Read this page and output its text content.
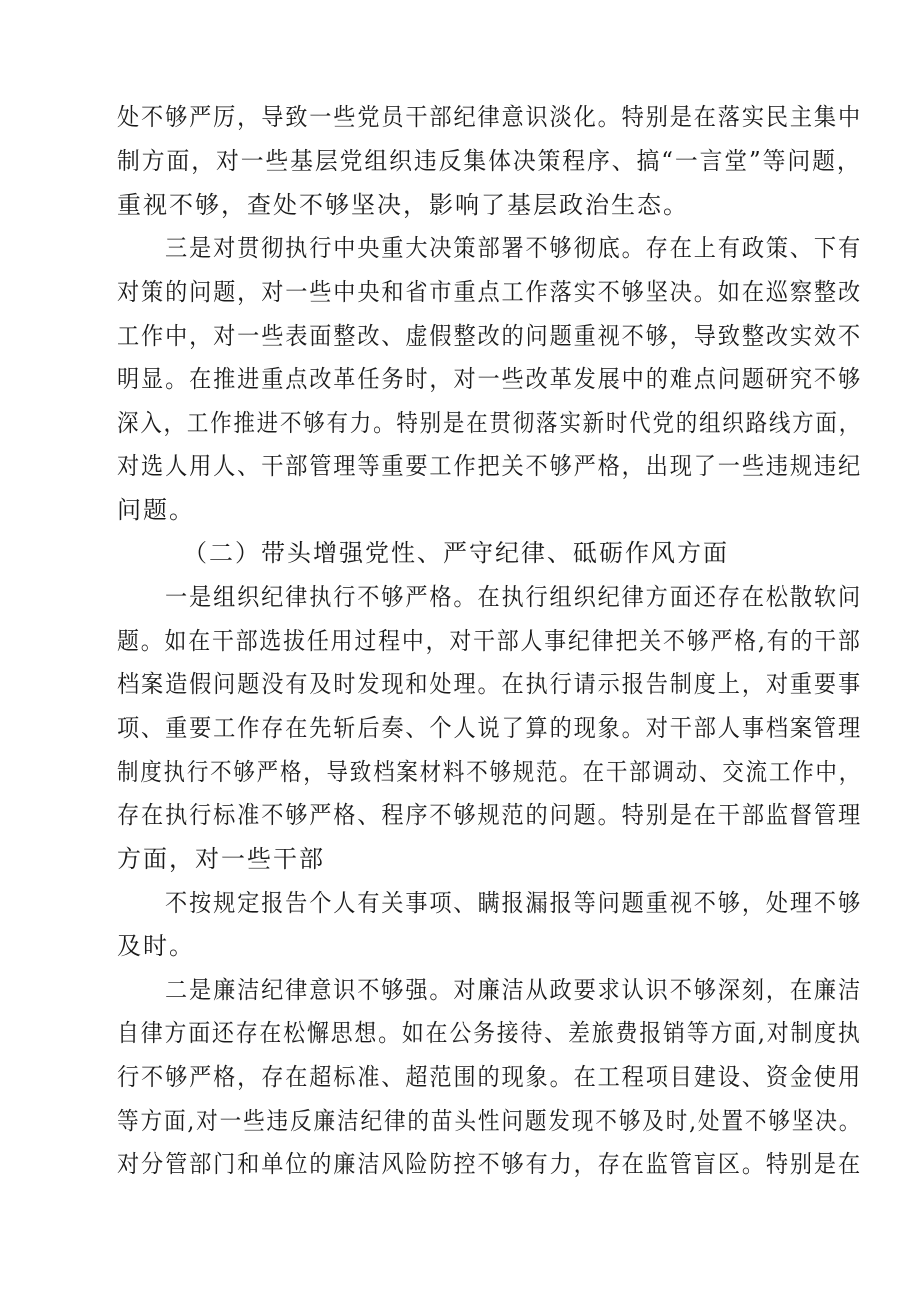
处不够严厉，导致一些党员干部纪律意识淡化。特别是在落实民主集中
制方面，对一些基层党组织违反集体决策程序、搞“一言堂”等问题，
重视不够，查处不够坚决，影响了基层政治生态。
三是对贯彻执行中央重大决策部署不够彻底。存在上有政策、下有
对策的问题，对一些中央和省市重点工作落实不够坚决。如在巡察整改
工作中，对一些表面整改、虚假整改的问题重视不够，导致整改实效不
明显。在推进重点改革任务时，对一些改革发展中的难点问题研究不够
深入，工作推进不够有力。特别是在贯彻落实新时代党的组织路线方面，
对选人用人、干部管理等重要工作把关不够严格，出现了一些违规违纪
问题。
（二）带头增强党性、严守纪律、砥砺作风方面
一是组织纪律执行不够严格。在执行组织纪律方面还存在松散软问
题。如在干部选拔任用过程中，对干部人事纪律把关不够严格,有的干部
档案造假问题没有及时发现和处理。在执行请示报告制度上，对重要事
项、重要工作存在先斩后奏、个人说了算的现象。对干部人事档案管理
制度执行不够严格，导致档案材料不够规范。在干部调动、交流工作中，
存在执行标准不够严格、程序不够规范的问题。特别是在干部监督管理
方面，对一些干部
不按规定报告个人有关事项、瞒报漏报等问题重视不够，处理不够
及时。
二是廉洁纪律意识不够强。对廉洁从政要求认识不够深刻，在廉洁
自律方面还存在松懈思想。如在公务接待、差旅费报销等方面,对制度执
行不够严格，存在超标准、超范围的现象。在工程项目建设、资金使用
等方面,对一些违反廉洁纪律的苗头性问题发现不够及时,处置不够坚决。
对分管部门和单位的廉洁风险防控不够有力，存在监管盲区。特别是在
